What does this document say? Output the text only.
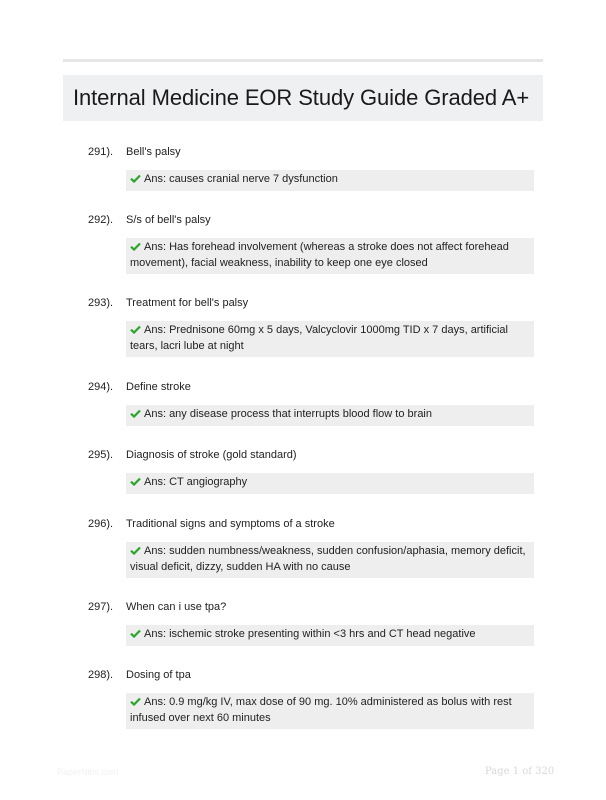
Internal Medicine EOR Study Guide Graded A+
291). Bell's palsy
Ans: causes cranial nerve 7 dysfunction
292). S/s of bell's palsy
Ans: Has forehead involvement (whereas a stroke does not affect forehead movement), facial weakness, inability to keep one eye closed
293). Treatment for bell's palsy
Ans: Prednisone 60mg x 5 days, Valcyclovir 1000mg TID x 7 days, artificial tears, lacri lube at night
294). Define stroke
Ans: any disease process that interrupts blood flow to brain
295). Diagnosis of stroke (gold standard)
Ans: CT angiography
296). Traditional signs and symptoms of a stroke
Ans: sudden numbness/weakness, sudden confusion/aphasia, memory deficit, visual deficit, dizzy, sudden HA with no cause
297). When can i use tpa?
Ans: ischemic stroke presenting within <3 hrs and CT head negative
298). Dosing of tpa
Ans: 0.9 mg/kg IV, max dose of 90 mg. 10% administered as bolus with rest infused over next 60 minutes
PaperNibs.com	Page 1 of 320
